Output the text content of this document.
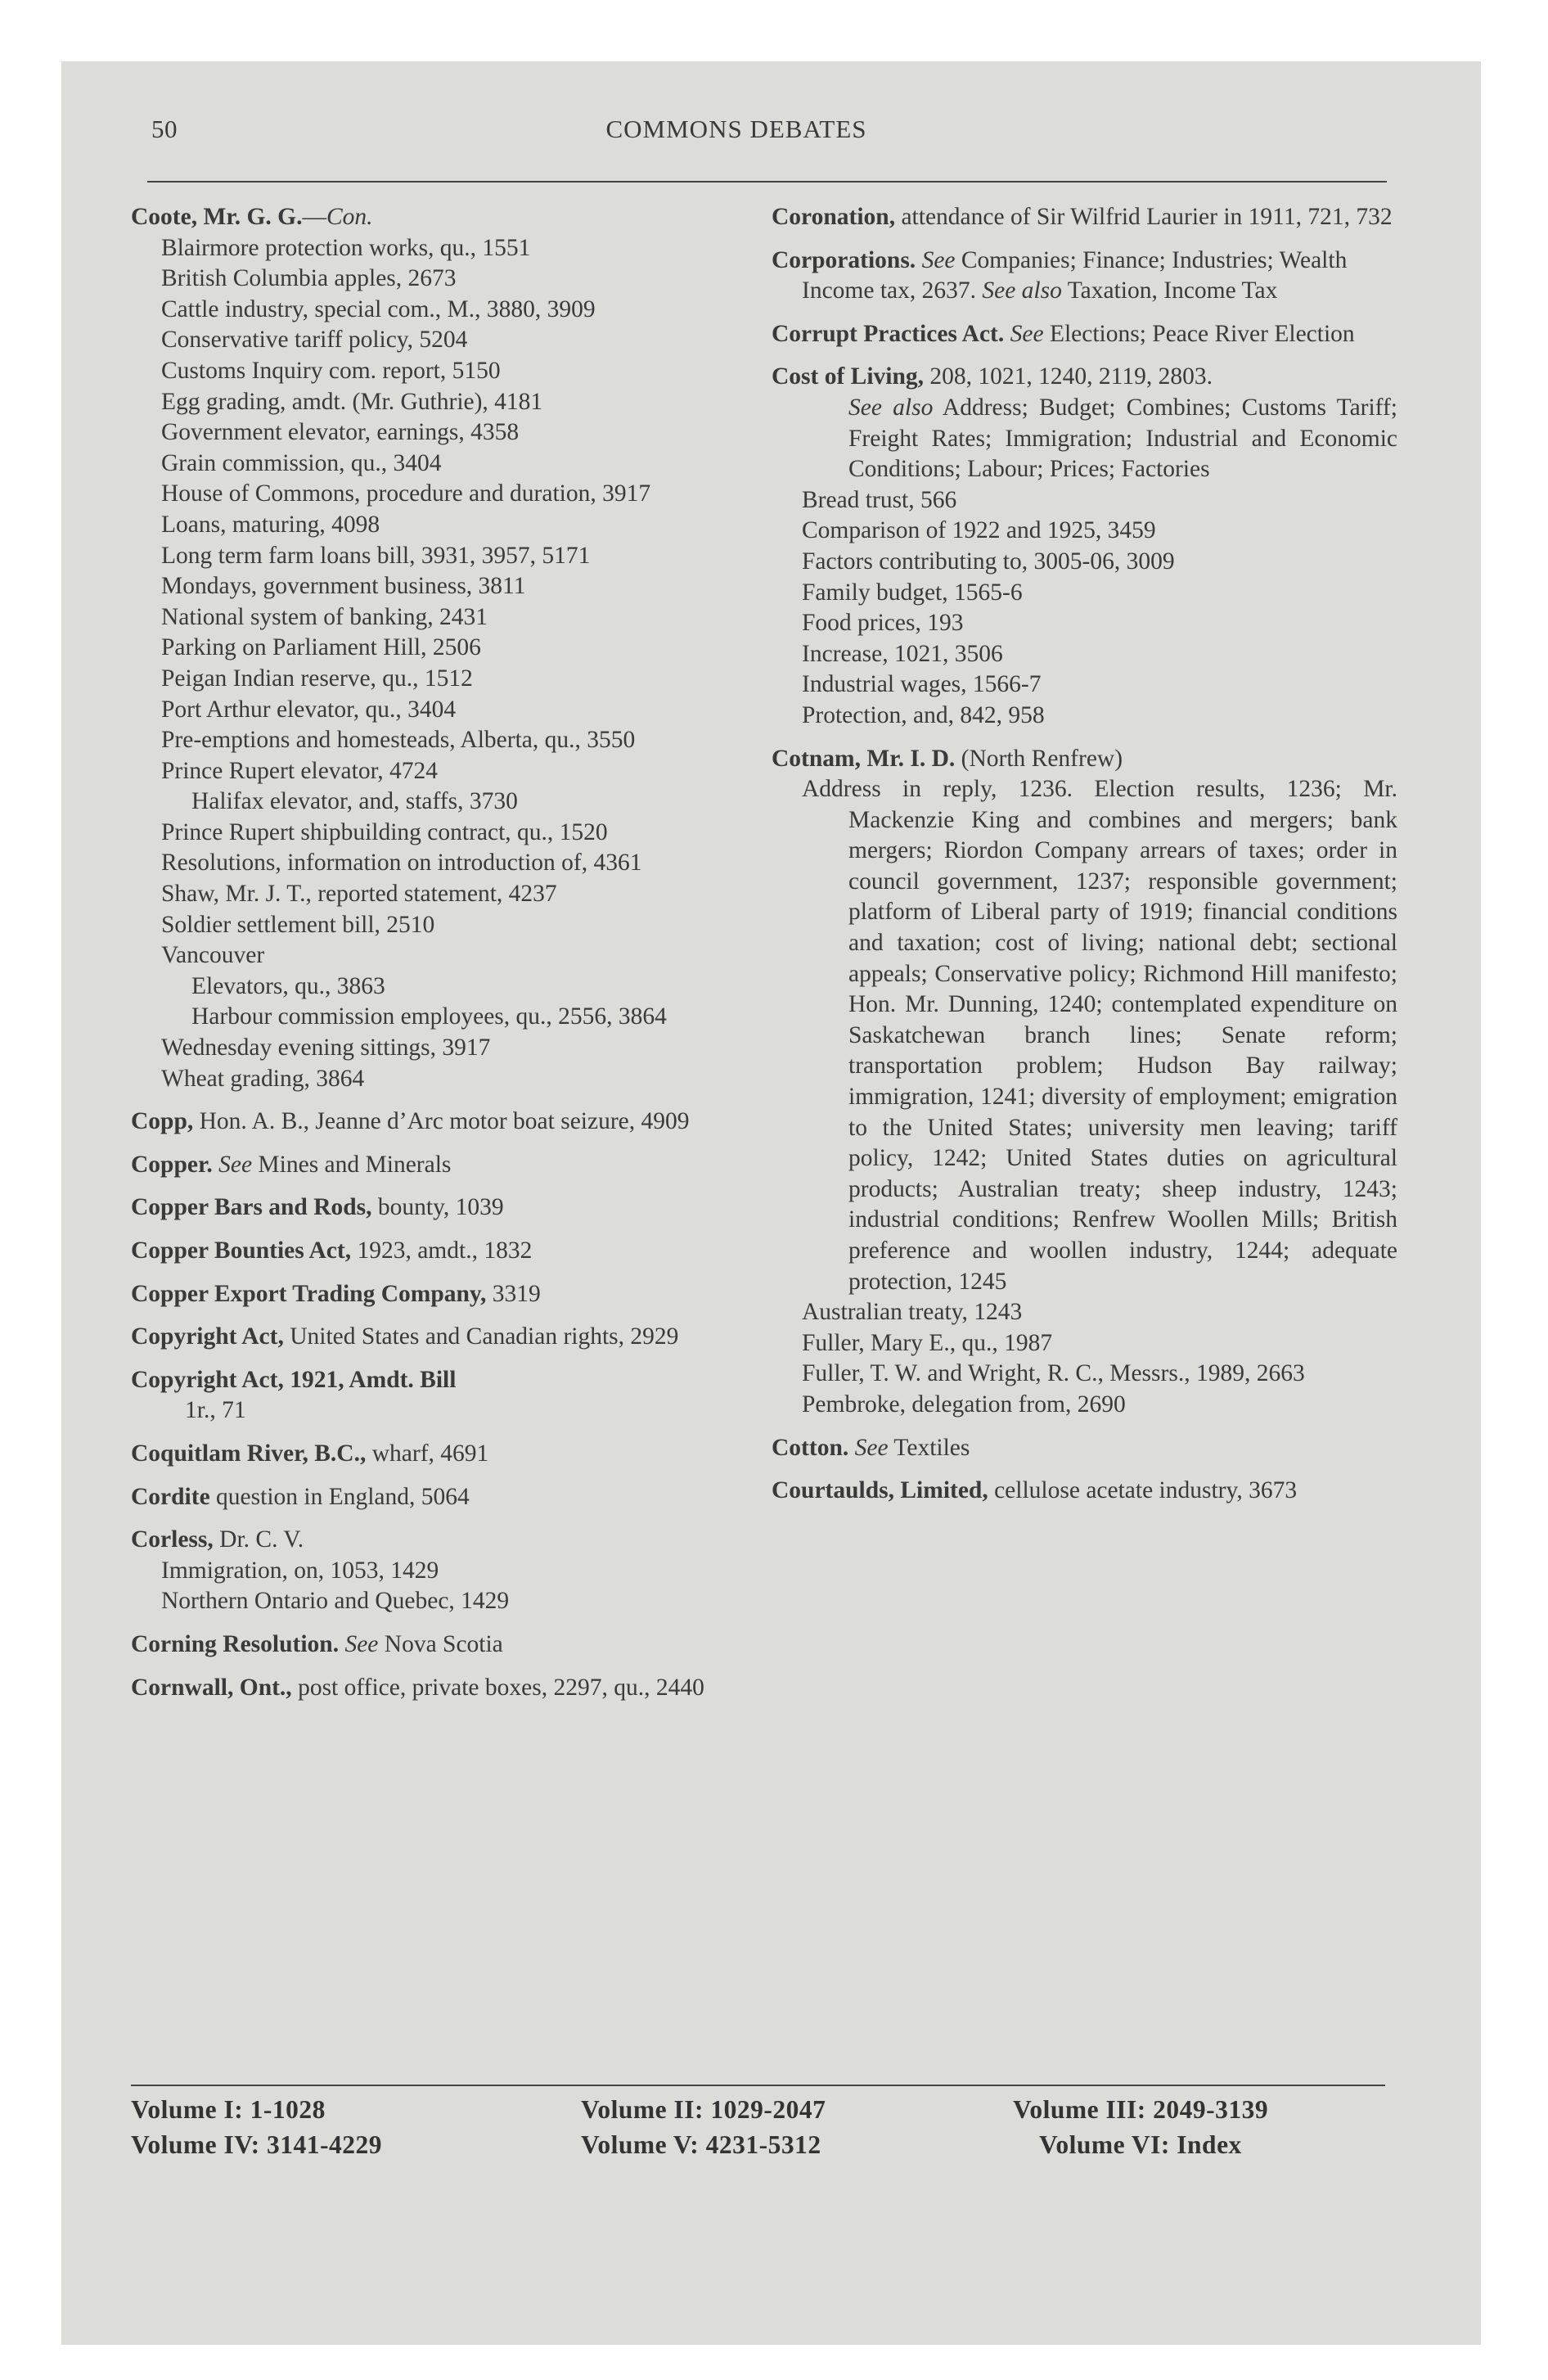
50	COMMONS DEBATES
Coote, Mr. G. G.—Con.
Blairmore protection works, qu., 1551
British Columbia apples, 2673
Cattle industry, special com., M., 3880, 3909
Conservative tariff policy, 5204
Customs Inquiry com. report, 5150
Egg grading, amdt. (Mr. Guthrie), 4181
Government elevator, earnings, 4358
Grain commission, qu., 3404
House of Commons, procedure and duration, 3917
Loans, maturing, 4098
Long term farm loans bill, 3931, 3957, 5171
Mondays, government business, 3811
National system of banking, 2431
Parking on Parliament Hill, 2506
Peigan Indian reserve, qu., 1512
Port Arthur elevator, qu., 3404
Pre-emptions and homesteads, Alberta, qu., 3550
Prince Rupert elevator, 4724
Halifax elevator, and, staffs, 3730
Prince Rupert shipbuilding contract, qu., 1520
Resolutions, information on introduction of, 4361
Shaw, Mr. J. T., reported statement, 4237
Soldier settlement bill, 2510
Vancouver
Elevators, qu., 3863
Harbour commission employees, qu., 2556, 3864
Wednesday evening sittings, 3917
Wheat grading, 3864
Copp, Hon. A. B., Jeanne d’Arc motor boat seizure, 4909
Copper. See Mines and Minerals
Copper Bars and Rods, bounty, 1039
Copper Bounties Act, 1923, amdt., 1832
Copper Export Trading Company, 3319
Copyright Act, United States and Canadian rights, 2929
Copyright Act, 1921, Amdt. Bill
1r., 71
Coquitlam River, B.C., wharf, 4691
Cordite question in England, 5064
Corless, Dr. C. V.
Immigration, on, 1053, 1429
Northern Ontario and Quebec, 1429
Corning Resolution. See Nova Scotia
Cornwall, Ont., post office, private boxes, 2297, qu., 2440
Coronation, attendance of Sir Wilfrid Laurier in 1911, 721, 732
Corporations. See Companies; Finance; Industries; Wealth
Income tax, 2637. See also Taxation, Income Tax
Corrupt Practices Act. See Elections; Peace River Election
Cost of Living, 208, 1021, 1240, 2119, 2803.
See also Address; Budget; Combines; Customs Tariff; Freight Rates; Immigration; Industrial and Economic Conditions; Labour; Prices; Factories
Bread trust, 566
Comparison of 1922 and 1925, 3459
Factors contributing to, 3005-06, 3009
Family budget, 1565-6
Food prices, 193
Increase, 1021, 3506
Industrial wages, 1566-7
Protection, and, 842, 958
Cotnam, Mr. I. D. (North Renfrew)
Address in reply, 1236. Election results, 1236; Mr. Mackenzie King and combines and mergers; bank mergers; Riordon Company arrears of taxes; order in council government, 1237; responsible government; platform of Liberal party of 1919; financial conditions and taxation; cost of living; national debt; sectional appeals; Conservative policy; Richmond Hill manifesto; Hon. Mr. Dunning, 1240; contemplated expenditure on Saskatchewan branch lines; Senate reform; transportation problem; Hudson Bay railway; immigration, 1241; diversity of employment; emigration to the United States; university men leaving; tariff policy, 1242; United States duties on agricultural products; Australian treaty; sheep industry, 1243; industrial conditions; Renfrew Woollen Mills; British preference and woollen industry, 1244; adequate protection, 1245
Australian treaty, 1243
Fuller, Mary E., qu., 1987
Fuller, T. W. and Wright, R. C., Messrs., 1989, 2663
Pembroke, delegation from, 2690
Cotton. See Textiles
Courtaulds, Limited, cellulose acetate industry, 3673
Volume I: 1-1028	Volume II: 1029-2047	Volume III: 2049-3139
Volume IV: 3141-4229	Volume V: 4231-5312	Volume VI: Index
